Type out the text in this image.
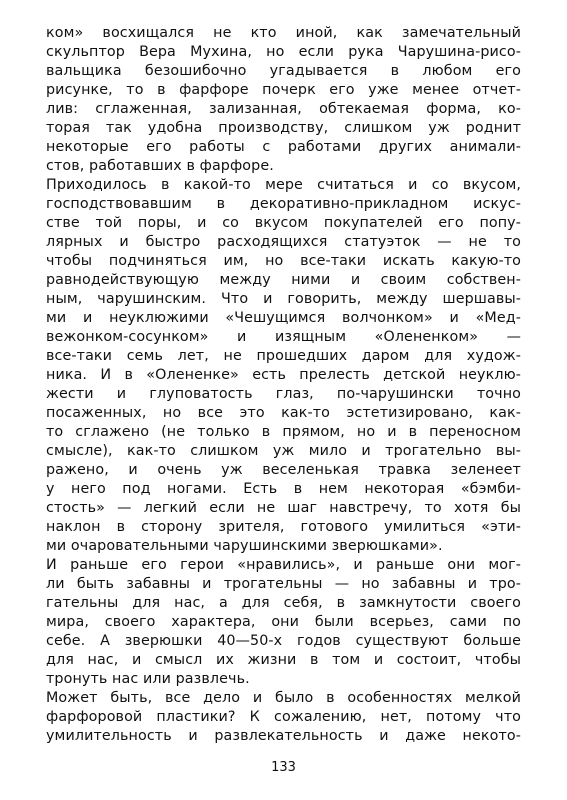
ком» восхищался не кто иной, как замечательный
скульптор Вера Мухина, но если рука Чарушина-рисо-
вальщика безошибочно угадывается в любом его
рисунке, то в фарфоре почерк его уже менее отчет-
лив: сглаженная, зализанная, обтекаемая форма, ко-
торая так удобна производству, слишком уж роднит
некоторые его работы с работами других анимали-
стов, работавших в фарфоре.
Приходилось в какой-то мере считаться и со вкусом,
господствовавшим в декоративно-прикладном искус-
стве той поры, и со вкусом покупателей его попу-
лярных и быстро расходящихся статуэток — не то
чтобы подчиняться им, но все-таки искать какую-то
равнодействующую между ними и своим собствен-
ным, чарушинским. Что и говорить, между шершавы-
ми и неуклюжими «Чешущимся волчонком» и «Мед-
вежонком-сосунком» и изящным «Олененком» —
все-таки семь лет, не прошедших даром для худож-
ника. И в «Олененке» есть прелесть детской неуклю-
жести и глуповатость глаз, по-чарушински точно
посаженных, но все это как-то эстетизировано, как-
то сглажено (не только в прямом, но и в переносном
смысле), как-то слишком уж мило и трогательно вы-
ражено, и очень уж веселенькая травка зеленеет
у него под ногами. Есть в нем некоторая «бэмби-
стость» — легкий если не шаг навстречу, то хотя бы
наклон в сторону зрителя, готового умилиться «эти-
ми очаровательными чарушинскими зверюшками».
И раньше его герои «нравились», и раньше они мог-
ли быть забавны и трогательны — но забавны и тро-
гательны для нас, а для себя, в замкнутости своего
мира, своего характера, они были всерьез, сами по
себе. А зверюшки 40—50-х годов существуют больше
для нас, и смысл их жизни в том и состоит, чтобы
тронуть нас или развлечь.
Может быть, все дело и было в особенностях мелкой
фарфоровой пластики? К сожалению, нет, потому что
умилительность и развлекательность и даже некото-
133
